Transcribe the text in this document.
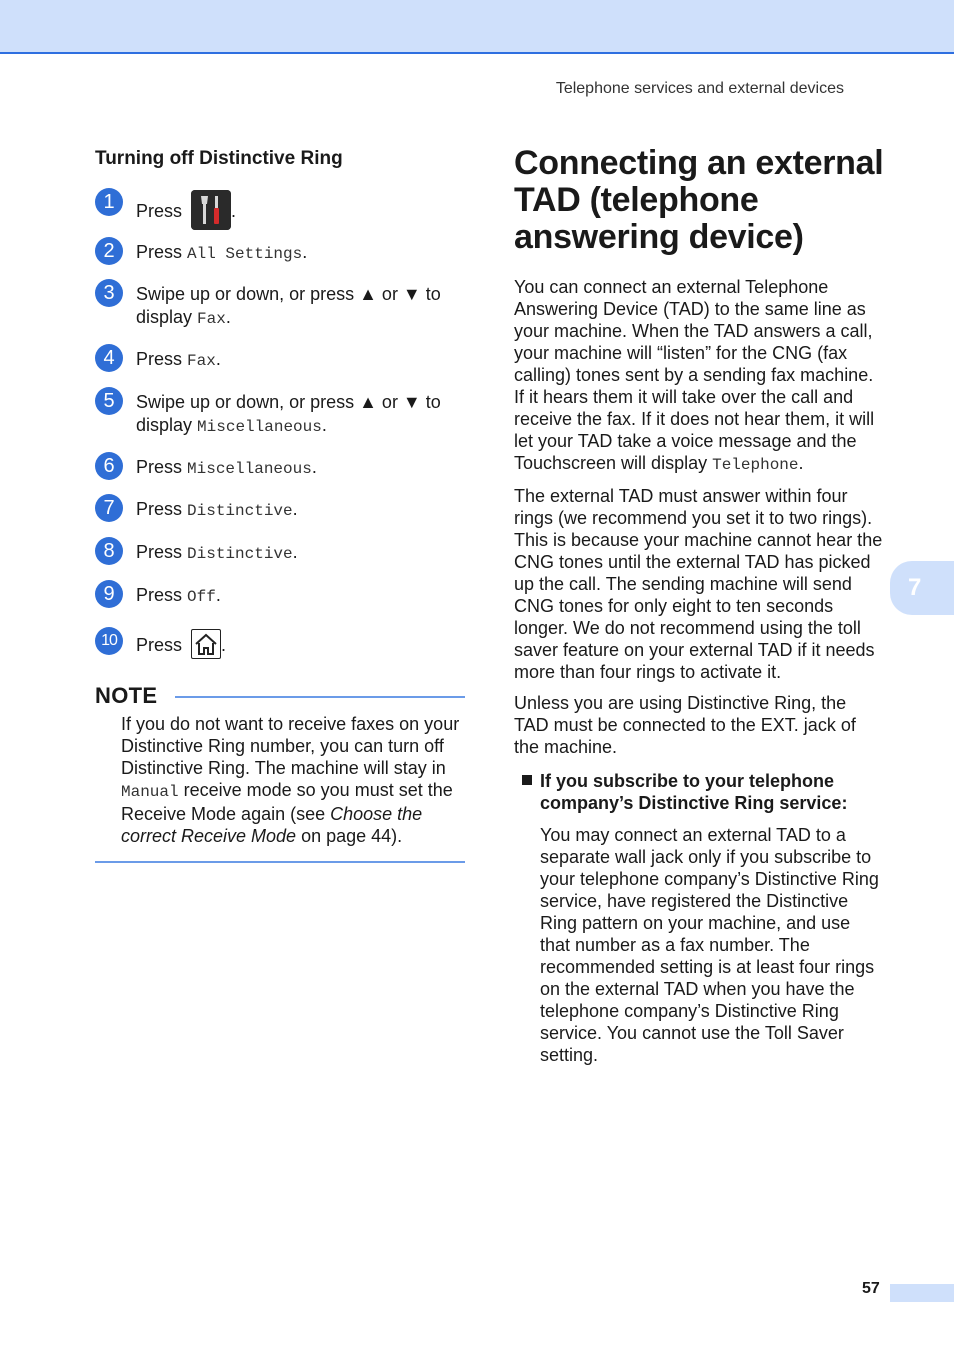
Telephone services and external devices
Turning off Distinctive Ring
1	Press .
2	Press All Settings.
3	Swipe up or down, or press ▲ or ▼ to
display Fax.
4	Press Fax.
5	Swipe up or down, or press ▲ or ▼ to
display Miscellaneous.
6	Press Miscellaneous.
7	Press Distinctive.
8	Press Distinctive.
9	Press Off.
10	Press .
NOTE
If you do not want to receive faxes on your Distinctive Ring number, you can turn off Distinctive Ring. The machine will stay in Manual receive mode so you must set the Receive Mode again (see Choose the correct Receive Mode on page 44).
Connecting an external TAD (telephone answering device)

You can connect an external Telephone Answering Device (TAD) to the same line as your machine. When the TAD answers a call, your machine will “listen” for the CNG (fax calling) tones sent by a sending fax machine. If it hears them it will take over the call and receive the fax. If it does not hear them, it will let your TAD take a voice message and the Touchscreen will display Telephone.

The external TAD must answer within four rings (we recommend you set it to two rings). This is because your machine cannot hear the CNG tones until the external TAD has picked up the call. The sending machine will send CNG tones for only eight to ten seconds longer. We do not recommend using the toll saver feature on your external TAD if it needs more than four rings to activate it.

Unless you are using Distinctive Ring, the TAD must be connected to the EXT. jack of the machine.

If you subscribe to your telephone company’s Distinctive Ring service:

You may connect an external TAD to a separate wall jack only if you subscribe to your telephone company’s Distinctive Ring service, have registered the Distinctive Ring pattern on your machine, and use that number as a fax number. The recommended setting is at least four rings on the external TAD when you have the telephone company’s Distinctive Ring service. You cannot use the Toll Saver setting.

7
57
